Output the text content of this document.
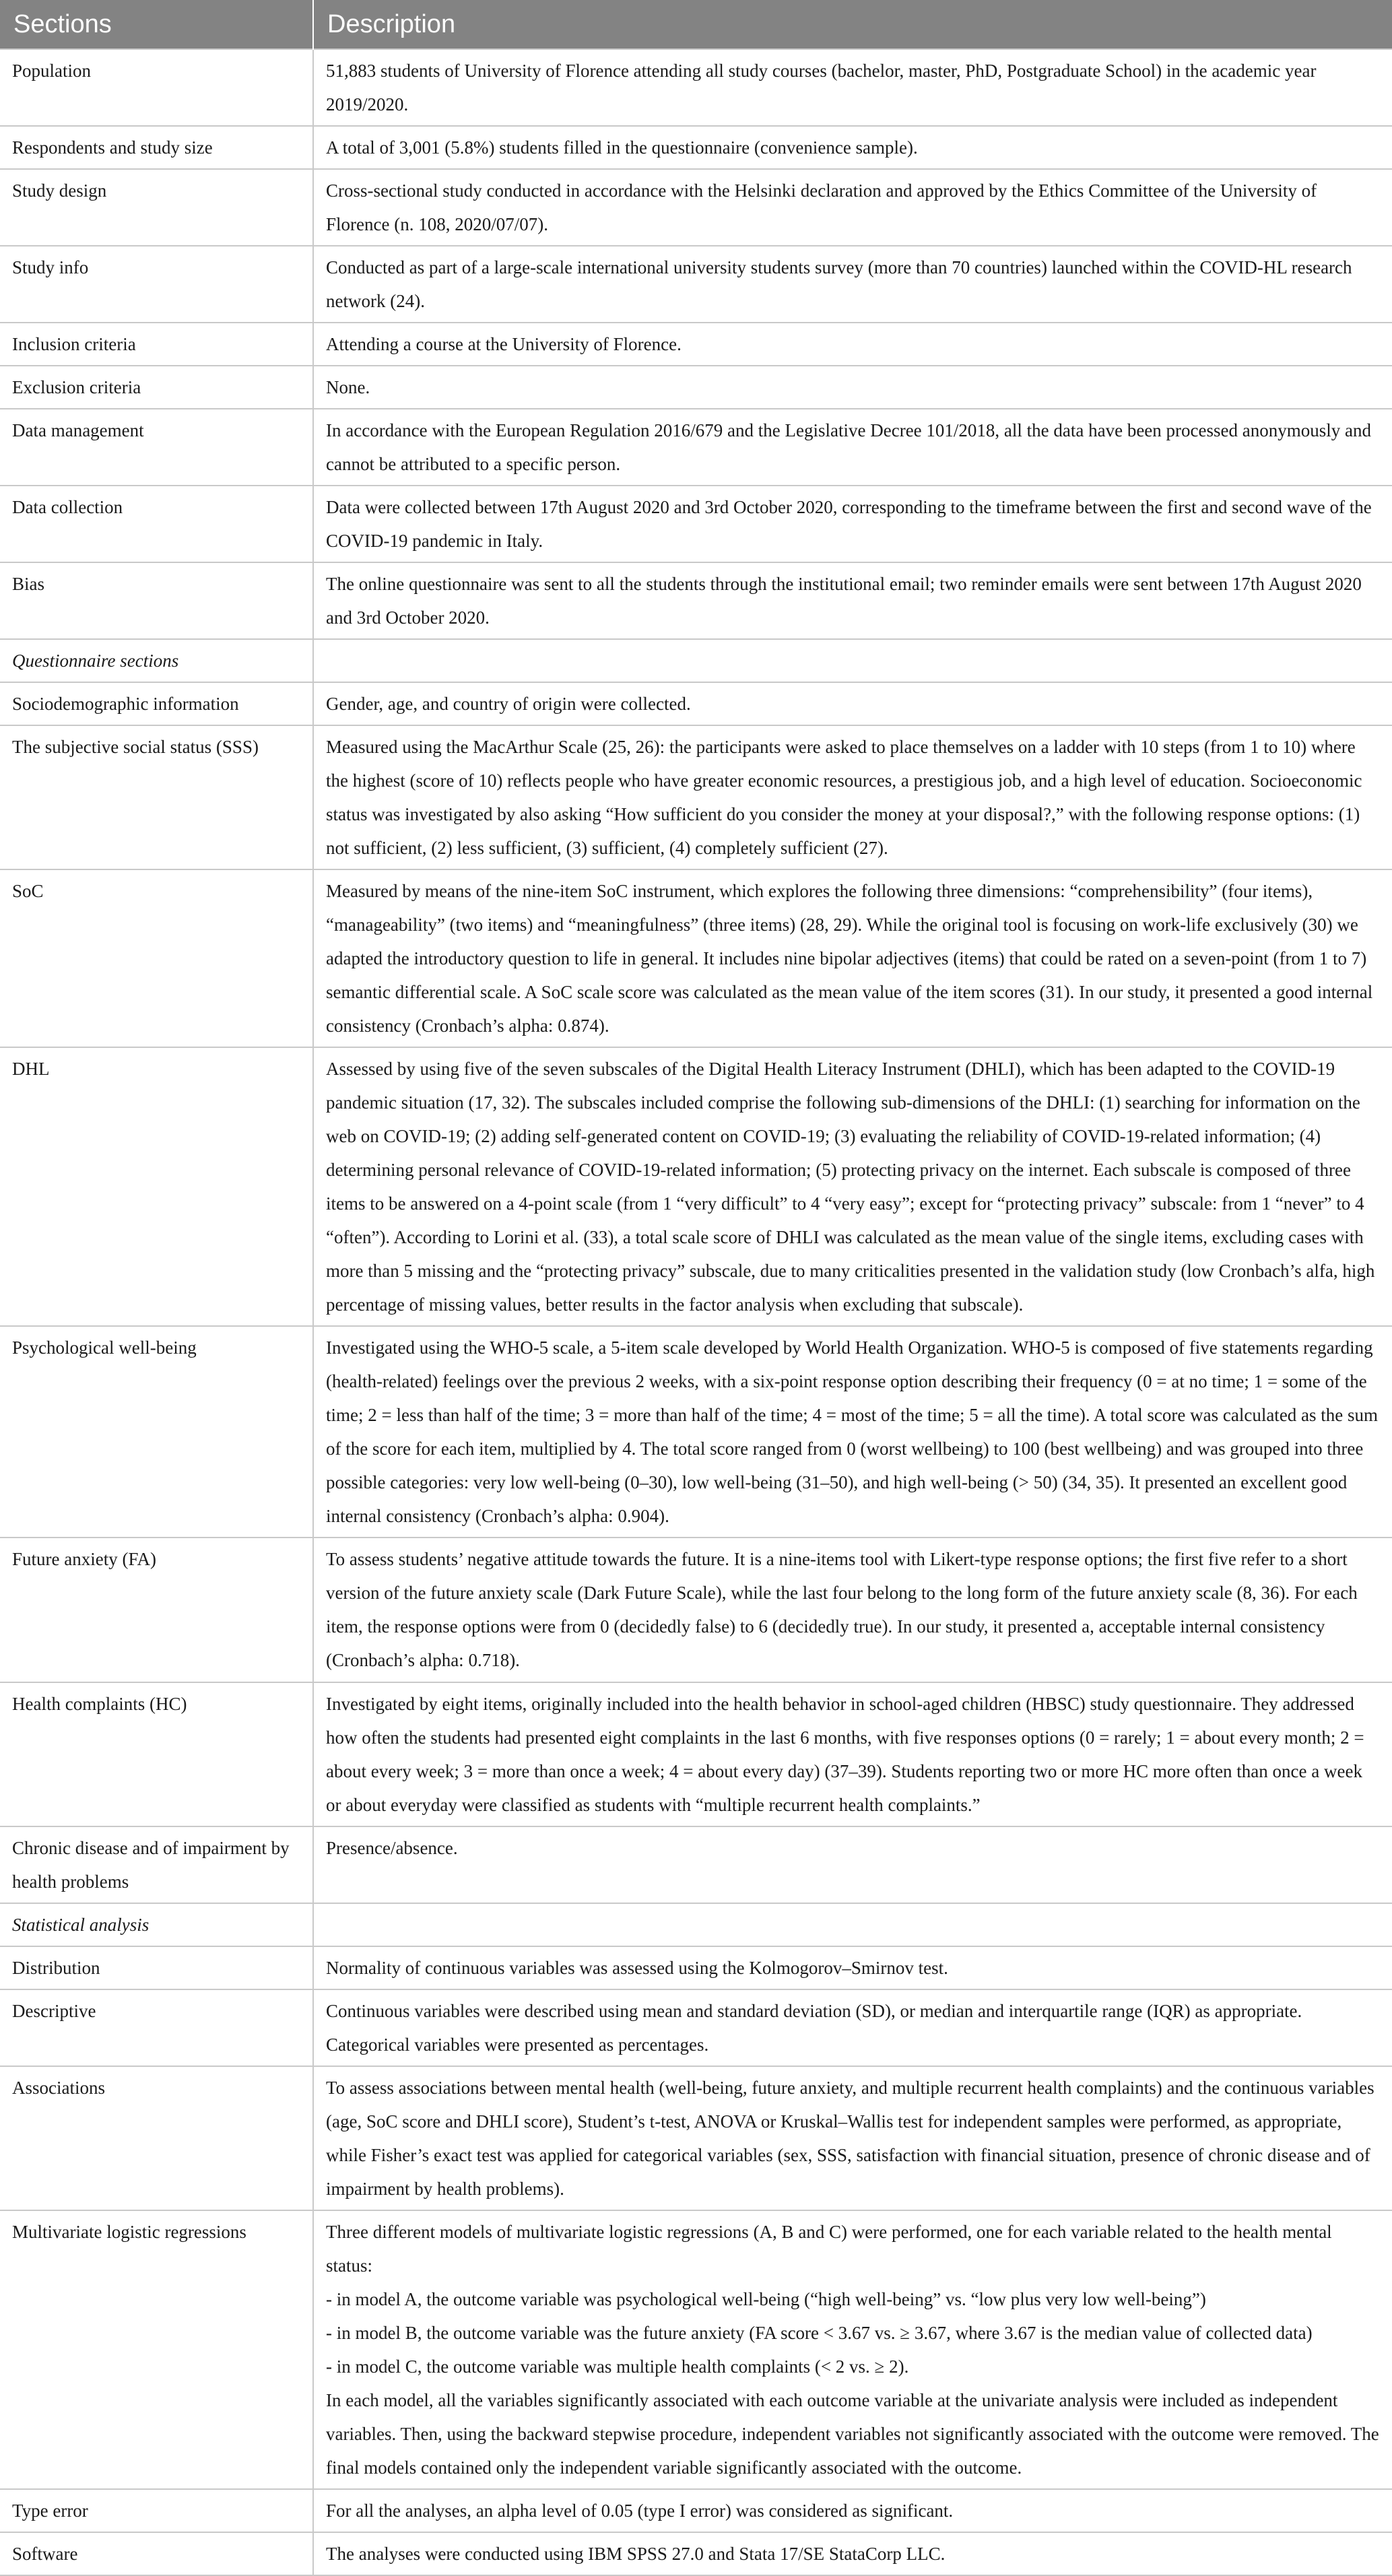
Sections	Description
Population	51,883 students of University of Florence attending all study courses (bachelor, master, PhD, Postgraduate School) in the academic year 2019/2020.
Respondents and study size	A total of 3,001 (5.8%) students filled in the questionnaire (convenience sample).
Study design	Cross-sectional study conducted in accordance with the Helsinki declaration and approved by the Ethics Committee of the University of Florence (n. 108, 2020/07/07).
Study info	Conducted as part of a large-scale international university students survey (more than 70 countries) launched within the COVID-HL research network (24).
Inclusion criteria	Attending a course at the University of Florence.
Exclusion criteria	None.
Data management	In accordance with the European Regulation 2016/679 and the Legislative Decree 101/2018, all the data have been processed anonymously and cannot be attributed to a specific person.
Data collection	Data were collected between 17th August 2020 and 3rd October 2020, corresponding to the timeframe between the first and second wave of the COVID-19 pandemic in Italy.
Bias	The online questionnaire was sent to all the students through the institutional email; two reminder emails were sent between 17th August 2020 and 3rd October 2020.
Questionnaire sections	
Sociodemographic information	Gender, age, and country of origin were collected.
The subjective social status (SSS)	Measured using the MacArthur Scale (25, 26): the participants were asked to place themselves on a ladder with 10 steps (from 1 to 10) where the highest (score of 10) reflects people who have greater economic resources, a prestigious job, and a high level of education. Socioeconomic status was investigated by also asking “How sufficient do you consider the money at your disposal?,” with the following response options: (1) not sufficient, (2) less sufficient, (3) sufficient, (4) completely sufficient (27).
SoC	Measured by means of the nine-item SoC instrument, which explores the following three dimensions: “comprehensibility” (four items), “manageability” (two items) and “meaningfulness” (three items) (28, 29). While the original tool is focusing on work-life exclusively (30) we adapted the introductory question to life in general. It includes nine bipolar adjectives (items) that could be rated on a seven-point (from 1 to 7) semantic differential scale. A SoC scale score was calculated as the mean value of the item scores (31). In our study, it presented a good internal consistency (Cronbach’s alpha: 0.874).
DHL	Assessed by using five of the seven subscales of the Digital Health Literacy Instrument (DHLI), which has been adapted to the COVID-19 pandemic situation (17, 32). The subscales included comprise the following sub-dimensions of the DHLI: (1) searching for information on the web on COVID-19; (2) adding self-generated content on COVID-19; (3) evaluating the reliability of COVID-19-related information; (4) determining personal relevance of COVID-19-related information; (5) protecting privacy on the internet. Each subscale is composed of three items to be answered on a 4-point scale (from 1 “very difficult” to 4 “very easy”; except for “protecting privacy” subscale: from 1 “never” to 4 “often”). According to Lorini et al. (33), a total scale score of DHLI was calculated as the mean value of the single items, excluding cases with more than 5 missing and the “protecting privacy” subscale, due to many criticalities presented in the validation study (low Cronbach’s alfa, high percentage of missing values, better results in the factor analysis when excluding that subscale).
Psychological well-being	Investigated using the WHO-5 scale, a 5-item scale developed by World Health Organization. WHO-5 is composed of five statements regarding (health-related) feelings over the previous 2 weeks, with a six-point response option describing their frequency (0 = at no time; 1 = some of the time; 2 = less than half of the time; 3 = more than half of the time; 4 = most of the time; 5 = all the time). A total score was calculated as the sum of the score for each item, multiplied by 4. The total score ranged from 0 (worst wellbeing) to 100 (best wellbeing) and was grouped into three possible categories: very low well-being (0–30), low well-being (31–50), and high well-being (> 50) (34, 35). It presented an excellent good internal consistency (Cronbach’s alpha: 0.904).
Future anxiety (FA)	To assess students’ negative attitude towards the future. It is a nine-items tool with Likert-type response options; the first five refer to a short version of the future anxiety scale (Dark Future Scale), while the last four belong to the long form of the future anxiety scale (8, 36). For each item, the response options were from 0 (decidedly false) to 6 (decidedly true). In our study, it presented a, acceptable internal consistency (Cronbach’s alpha: 0.718).
Health complaints (HC)	Investigated by eight items, originally included into the health behavior in school-aged children (HBSC) study questionnaire. They addressed how often the students had presented eight complaints in the last 6 months, with five responses options (0 = rarely; 1 = about every month; 2 = about every week; 3 = more than once a week; 4 = about every day) (37–39). Students reporting two or more HC more often than once a week or about everyday were classified as students with “multiple recurrent health complaints.”
Chronic disease and of impairment by health problems	Presence/absence.
Statistical analysis	
Distribution	Normality of continuous variables was assessed using the Kolmogorov–Smirnov test.
Descriptive	Continuous variables were described using mean and standard deviation (SD), or median and interquartile range (IQR) as appropriate. Categorical variables were presented as percentages.
Associations	To assess associations between mental health (well-being, future anxiety, and multiple recurrent health complaints) and the continuous variables (age, SoC score and DHLI score), Student’s t-test, ANOVA or Kruskal–Wallis test for independent samples were performed, as appropriate, while Fisher’s exact test was applied for categorical variables (sex, SSS, satisfaction with financial situation, presence of chronic disease and of impairment by health problems).
Multivariate logistic regressions	Three different models of multivariate logistic regressions (A, B and C) were performed, one for each variable related to the health mental status:
- in model A, the outcome variable was psychological well-being (“high well-being” vs. “low plus very low well-being”)
- in model B, the outcome variable was the future anxiety (FA score < 3.67 vs. ≥ 3.67, where 3.67 is the median value of collected data)
- in model C, the outcome variable was multiple health complaints (< 2 vs. ≥ 2).
In each model, all the variables significantly associated with each outcome variable at the univariate analysis were included as independent variables. Then, using the backward stepwise procedure, independent variables not significantly associated with the outcome were removed. The final models contained only the independent variable significantly associated with the outcome.

Type error	For all the analyses, an alpha level of 0.05 (type I error) was considered as significant.
Software	The analyses were conducted using IBM SPSS 27.0 and Stata 17/SE StataCorp LLC.
